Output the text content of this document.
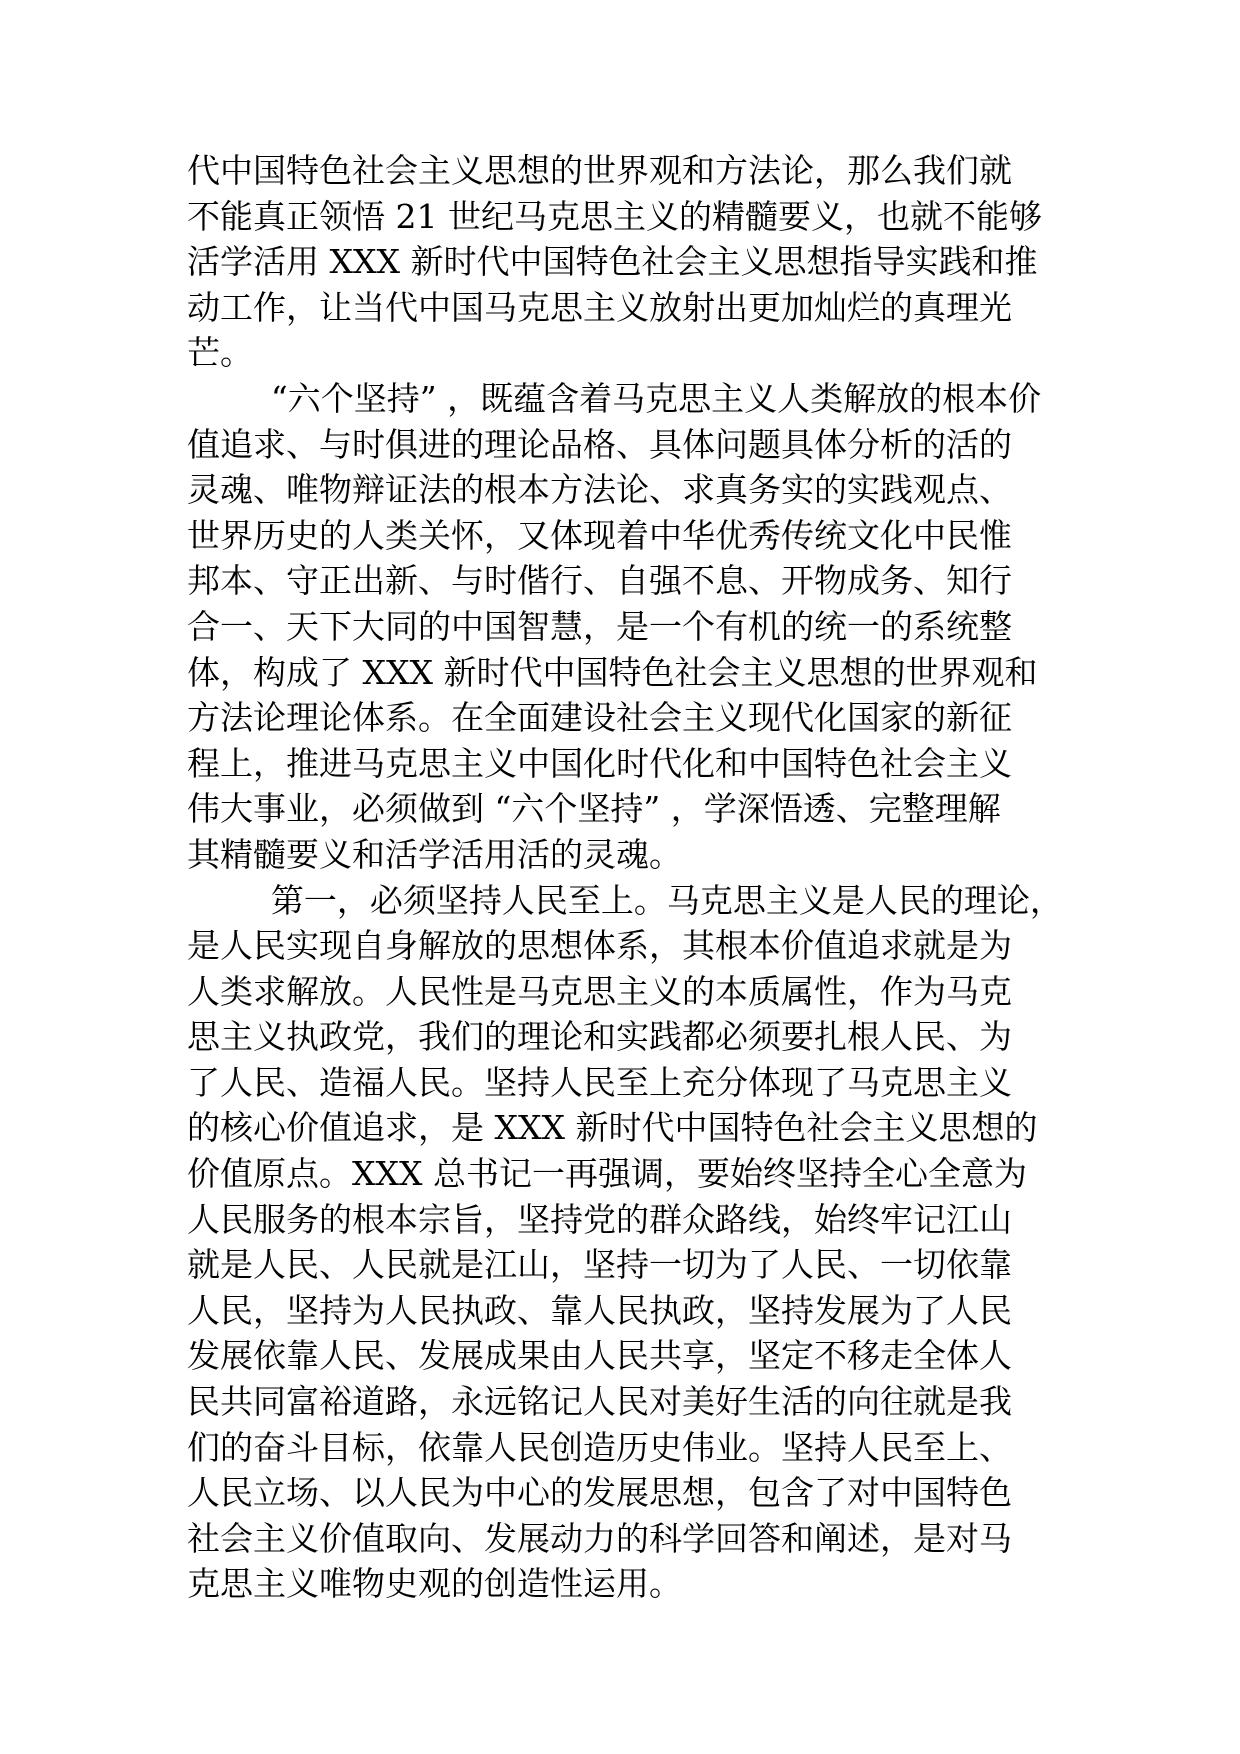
代中国特色社会主义思想的世界观和方法论，那么我们就
不能真正领悟 21 世纪马克思主义的精髓要义，也就不能够
活学活用 XXX 新时代中国特色社会主义思想指导实践和推
动工作，让当代中国马克思主义放射出更加灿烂的真理光
芒。
“六个坚持” ，既蕴含着马克思主义人类解放的根本价
值追求、与时俱进的理论品格、具体问题具体分析的活的
灵魂、唯物辩证法的根本方法论、求真务实的实践观点、
世界历史的人类关怀，又体现着中华优秀传统文化中民惟
邦本、守正出新、与时偕行、自强不息、开物成务、知行
合一、天下大同的中国智慧，是一个有机的统一的系统整
体，构成了 XXX 新时代中国特色社会主义思想的世界观和
方法论理论体系。在全面建设社会主义现代化国家的新征
程上，推进马克思主义中国化时代化和中国特色社会主义
伟大事业，必须做到 “六个坚持” ，学深悟透、完整理解
其精髓要义和活学活用活的灵魂。
第一，必须坚持人民至上。马克思主义是人民的理论，
是人民实现自身解放的思想体系，其根本价值追求就是为
人类求解放。人民性是马克思主义的本质属性，作为马克
思主义执政党，我们的理论和实践都必须要扎根人民、为
了人民、造福人民。坚持人民至上充分体现了马克思主义
的核心价值追求，是 XXX 新时代中国特色社会主义思想的
价值原点。XXX 总书记一再强调，要始终坚持全心全意为
人民服务的根本宗旨，坚持党的群众路线，始终牢记江山
就是人民、人民就是江山，坚持一切为了人民、一切依靠
人民，坚持为人民执政、靠人民执政，坚持发展为了人民
发展依靠人民、发展成果由人民共享，坚定不移走全体人
民共同富裕道路，永远铭记人民对美好生活的向往就是我
们的奋斗目标，依靠人民创造历史伟业。坚持人民至上、
人民立场、以人民为中心的发展思想，包含了对中国特色
社会主义价值取向、发展动力的科学回答和阐述，是对马
克思主义唯物史观的创造性运用。
